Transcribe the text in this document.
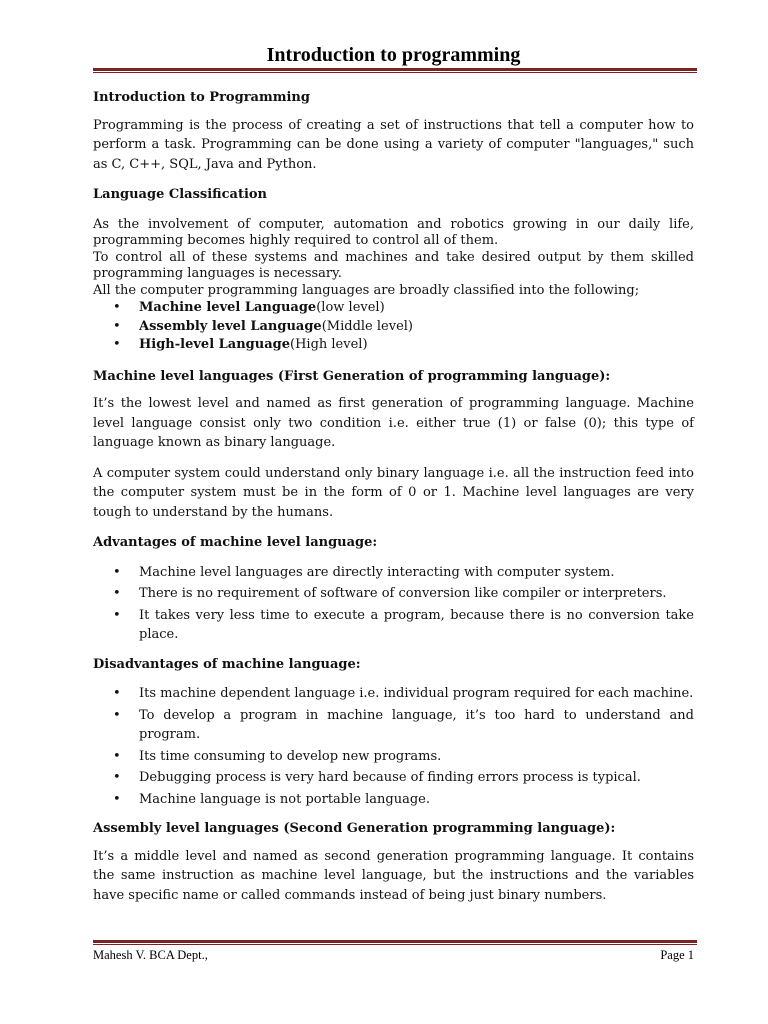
Introduction to programming
Introduction to Programming

Programming is the process of creating a set of instructions that tell a computer how to perform a task. Programming can be done using a variety of computer "languages," such as C, C++, SQL, Java and Python.

Language Classification

As the involvement of computer, automation and robotics growing in our daily life, programming becomes highly required to control all of them.

To control all of these systems and machines and take desired output by them skilled programming languages is necessary.

All the computer programming languages are broadly classified into the following;

• Machine level Language(low level)
• Assembly level Language(Middle level)
• High-level Language(High level)
Machine level languages (First Generation of programming language):

It’s the lowest level and named as first generation of programming language. Machine level language consist only two condition i.e. either true (1) or false (0); this type of language known as binary language.

A computer system could understand only binary language i.e. all the instruction feed into the computer system must be in the form of 0 or 1. Machine level languages are very tough to understand by the humans.

Advantages of machine level language:
• Machine level languages are directly interacting with computer system.
• There is no requirement of software of conversion like compiler or interpreters.
• It takes very less time to execute a program, because there is no conversion take place.
Disadvantages of machine language:
• Its machine dependent language i.e. individual program required for each machine.
• To develop a program in machine language, it’s too hard to understand and program.
• Its time consuming to develop new programs.
• Debugging process is very hard because of finding errors process is typical.
• Machine language is not portable language.
Assembly level languages (Second Generation programming language):

It’s a middle level and named as second generation programming language. It contains the same instruction as machine level language, but the instructions and the variables have specific name or called commands instead of being just binary numbers.

Mahesh V. BCA Dept.,	Page 1
